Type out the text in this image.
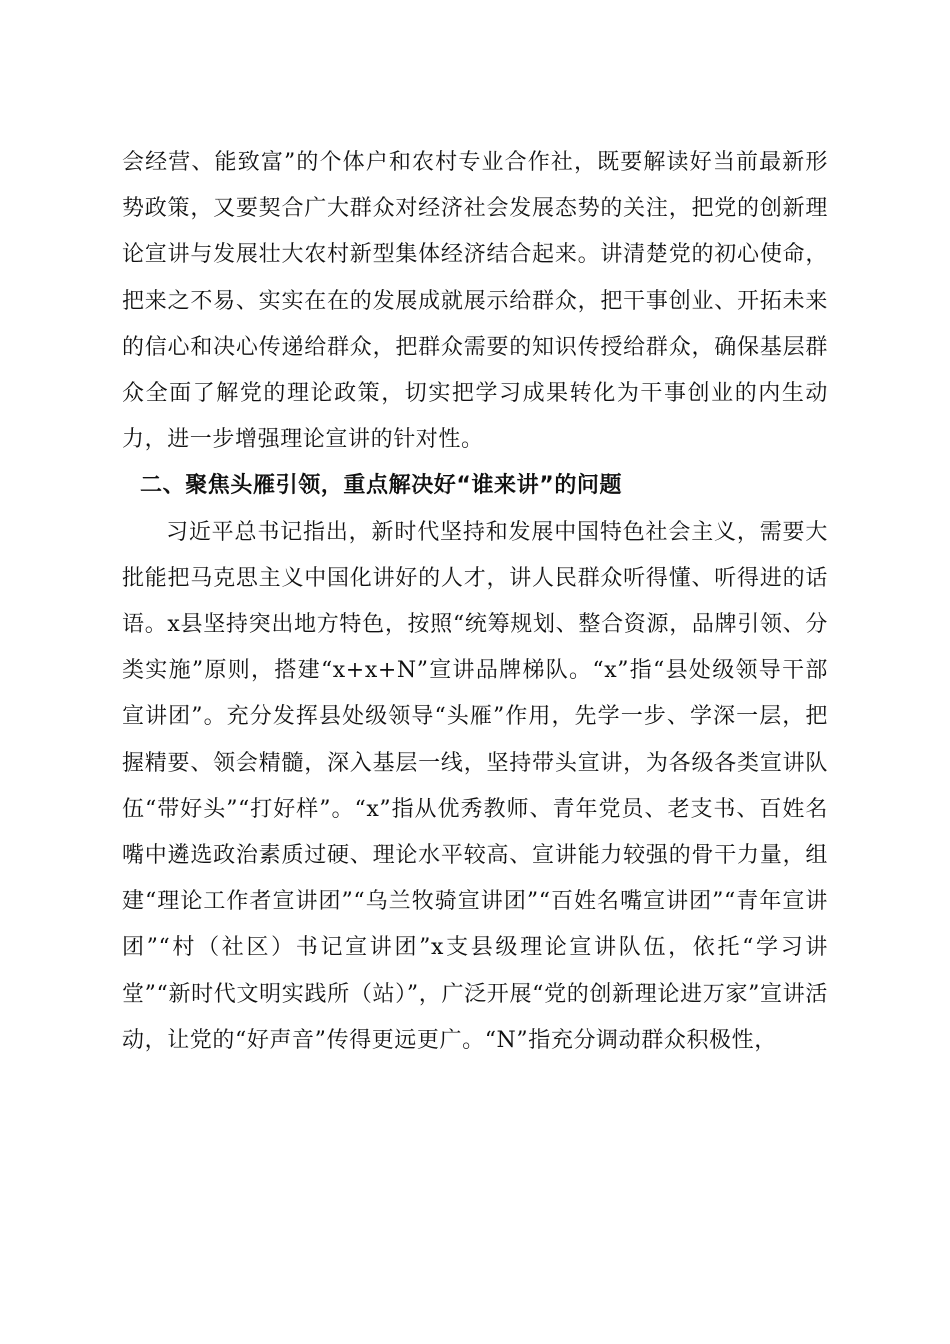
会经营、能致富”的个体户和农村专业合作社，既要解读好当前最新形势政策，又要契合广大群众对经济社会发展态势的关注，把党的创新理论宣讲与发展壮大农村新型集体经济结合起来。讲清楚党的初心使命，把来之不易、实实在在的发展成就展示给群众，把干事创业、开拓未来的信心和决心传递给群众，把群众需要的知识传授给群众，确保基层群众全面了解党的理论政策，切实把学习成果转化为干事创业的内生动力，进一步增强理论宣讲的针对性。

二、聚焦头雁引领，重点解决好“谁来讲”的问题

习近平总书记指出，新时代坚持和发展中国特色社会主义，需要大批能把马克思主义中国化讲好的人才，讲人民群众听得懂、听得进的话语。x县坚持突出地方特色，按照“统筹规划、整合资源，品牌引领、分类实施”原则，搭建“x+x+N”宣讲品牌梯队。“x”指“县处级领导干部宣讲团”。充分发挥县处级领导“头雁”作用，先学一步、学深一层，把握精要、领会精髓，深入基层一线，坚持带头宣讲，为各级各类宣讲队伍“带好头”“打好样”。“x”指从优秀教师、青年党员、老支书、百姓名嘴中遴选政治素质过硬、理论水平较高、宣讲能力较强的骨干力量，组建“理论工作者宣讲团”“乌兰牧骑宣讲团”“百姓名嘴宣讲团”“青年宣讲团”“村（社区）书记宣讲团”x支县级理论宣讲队伍，依托“学习讲堂”“新时代文明实践所（站）”，广泛开展“党的创新理论进万家”宣讲活动，让党的“好声音”传得更远更广。“N”指充分调动群众积极性，
